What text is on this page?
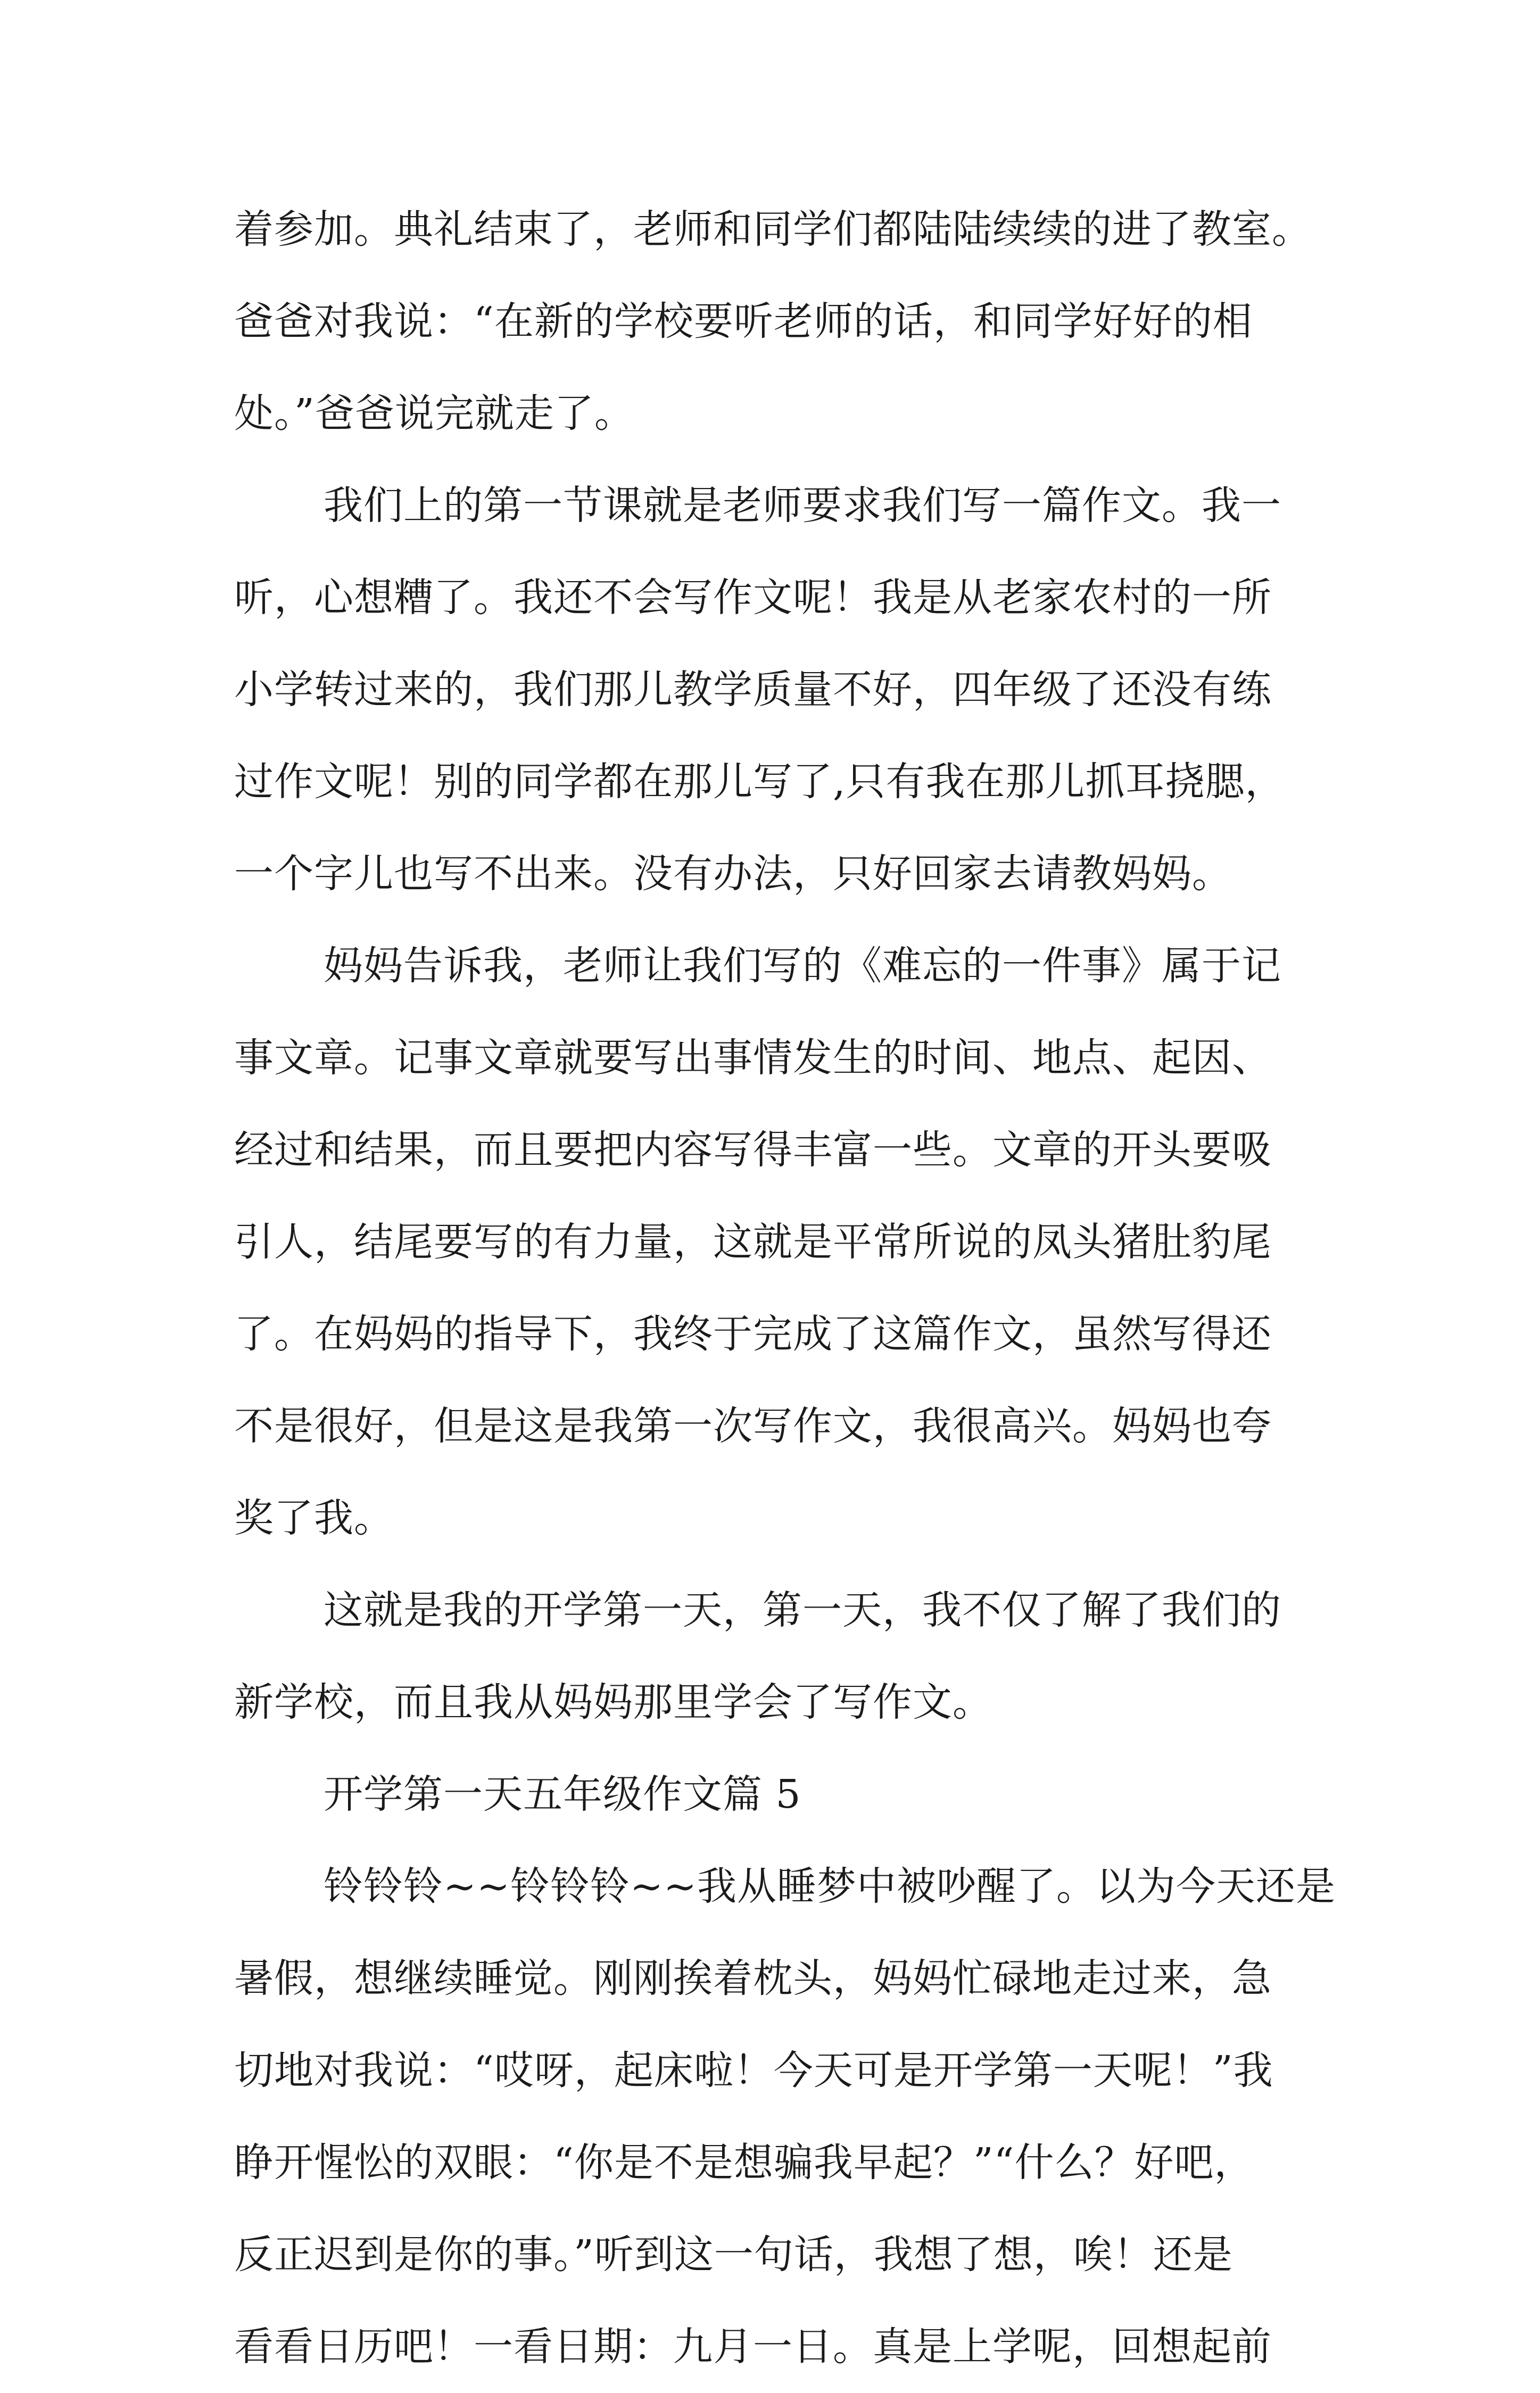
着参加。典礼结束了，老师和同学们都陆陆续续的进了教室。
爸爸对我说：“在新的学校要听老师的话，和同学好好的相
处。”爸爸说完就走了。
我们上的第一节课就是老师要求我们写一篇作文。我一
听，心想糟了。我还不会写作文呢！我是从老家农村的一所
小学转过来的，我们那儿教学质量不好，四年级了还没有练
过作文呢！别的同学都在那儿写了,只有我在那儿抓耳挠腮，
一个字儿也写不出来。没有办法，只好回家去请教妈妈。
妈妈告诉我，老师让我们写的《难忘的一件事》属于记
事文章。记事文章就要写出事情发生的时间、地点、起因、
经过和结果，而且要把内容写得丰富一些。文章的开头要吸
引人，结尾要写的有力量，这就是平常所说的凤头猪肚豹尾
了。在妈妈的指导下，我终于完成了这篇作文，虽然写得还
不是很好，但是这是我第一次写作文，我很高兴。妈妈也夸
奖了我。
这就是我的开学第一天，第一天，我不仅了解了我们的
新学校，而且我从妈妈那里学会了写作文。
开学第一天五年级作文篇 5
铃铃铃~~铃铃铃~~我从睡梦中被吵醒了。以为今天还是
暑假，想继续睡觉。刚刚挨着枕头，妈妈忙碌地走过来，急
切地对我说：“哎呀，起床啦！今天可是开学第一天呢！”我
睁开惺忪的双眼：“你是不是想骗我早起？”“什么？好吧，
反正迟到是你的事。”听到这一句话，我想了想，唉！还是
看看日历吧！一看日期：九月一日。真是上学呢，回想起前
